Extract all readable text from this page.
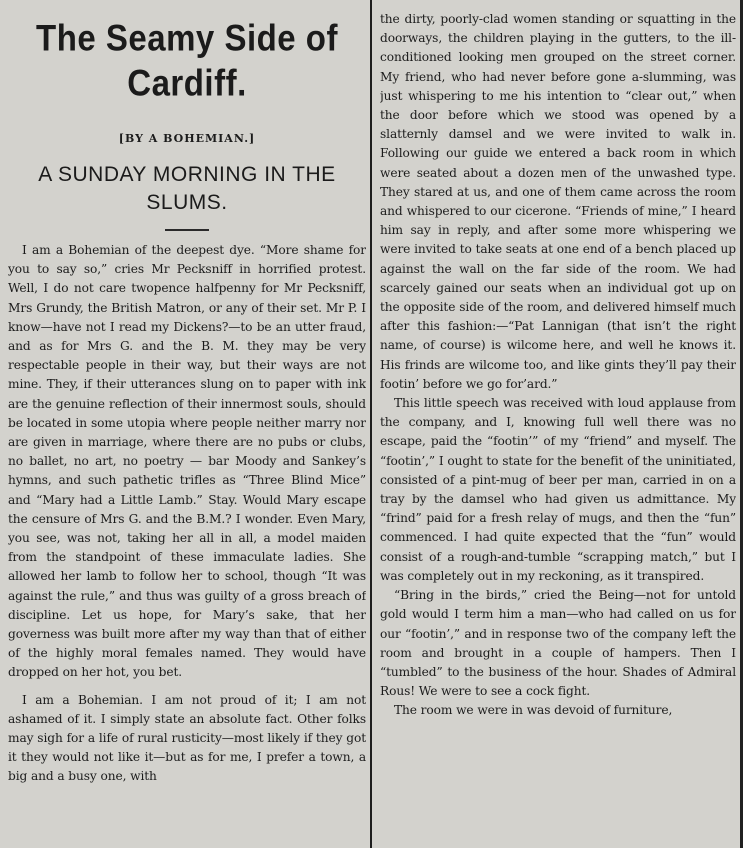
The Seamy Side of
Cardiff.
[BY A BOHEMIAN.]
A SUNDAY MORNING IN THE
SLUMS.

I am a Bohemian of the deepest dye. “More shame for you to say so,” cries Mr Pecksniff in horrified protest. Well, I do not care twopence halfpenny for Mr Pecksniff, Mrs Grundy, the British Matron, or any of their set. Mr P. I know—have not I read my Dickens?—to be an utter fraud, and as for Mrs G. and the B. M. they may be very respectable people in their way, but their ways are not mine. They, if their utterances slung on to paper with ink are the genuine reflection of their innermost souls, should be located in some utopia where people neither marry nor are given in marriage, where there are no pubs or clubs, no ballet, no art, no poetry — bar Moody and Sankey’s hymns, and such pathetic trifles as “Three Blind Mice” and “Mary had a Little Lamb.” Stay. Would Mary escape the censure of Mrs G. and the B.M.? I wonder. Even Mary, you see, was not, taking her all in all, a model maiden from the standpoint of these immaculate ladies. She allowed her lamb to follow her to school, though “It was against the rule,” and thus was guilty of a gross breach of discipline. Let us hope, for Mary’s sake, that her governess was built more after my way than that of either of the highly moral females named. They would have dropped on her hot, you bet.

I am a Bohemian. I am not proud of it; I am not ashamed of it. I simply state an absolute fact. Other folks may sigh for a life of rural rusticity—most likely if they got it they would not like it—but as for me, I prefer a town, a big and a busy one, with

the dirty, poorly-clad women standing or squatting in the doorways, the children playing in the gutters, to the ill-conditioned looking men grouped on the street corner. My friend, who had never before gone a-slumming, was just whispering to me his intention to “clear out,” when the door before which we stood was opened by a slatternly damsel and we were invited to walk in. Following our guide we entered a back room in which were seated about a dozen men of the unwashed type. They stared at us, and one of them came across the room and whispered to our cicerone. “Friends of mine,” I heard him say in reply, and after some more whispering we were invited to take seats at one end of a bench placed up against the wall on the far side of the room. We had scarcely gained our seats when an individual got up on the opposite side of the room, and delivered himself much after this fashion:—“Pat Lannigan (that isn’t the right name, of course) is wilcome here, and well he knows it. His frinds are wilcome too, and like gints they’ll pay their footin’ before we go for’ard.”

This little speech was received with loud applause from the company, and I, knowing full well there was no escape, paid the “footin’” of my “friend” and myself. The “footin’,” I ought to state for the benefit of the uninitiated, consisted of a pint-mug of beer per man, carried in on a tray by the damsel who had given us admittance. My “frind” paid for a fresh relay of mugs, and then the “fun” commenced. I had quite expected that the “fun” would consist of a rough-and-tumble “scrapping match,” but I was completely out in my reckoning, as it transpired.

“Bring in the birds,” cried the Being—not for untold gold would I term him a man—who had called on us for our “footin’,” and in response two of the company left the room and brought in a couple of hampers. Then I “tumbled” to the business of the hour. Shades of Admiral Rous! We were to see a cock fight.

The room we were in was devoid of furniture,
